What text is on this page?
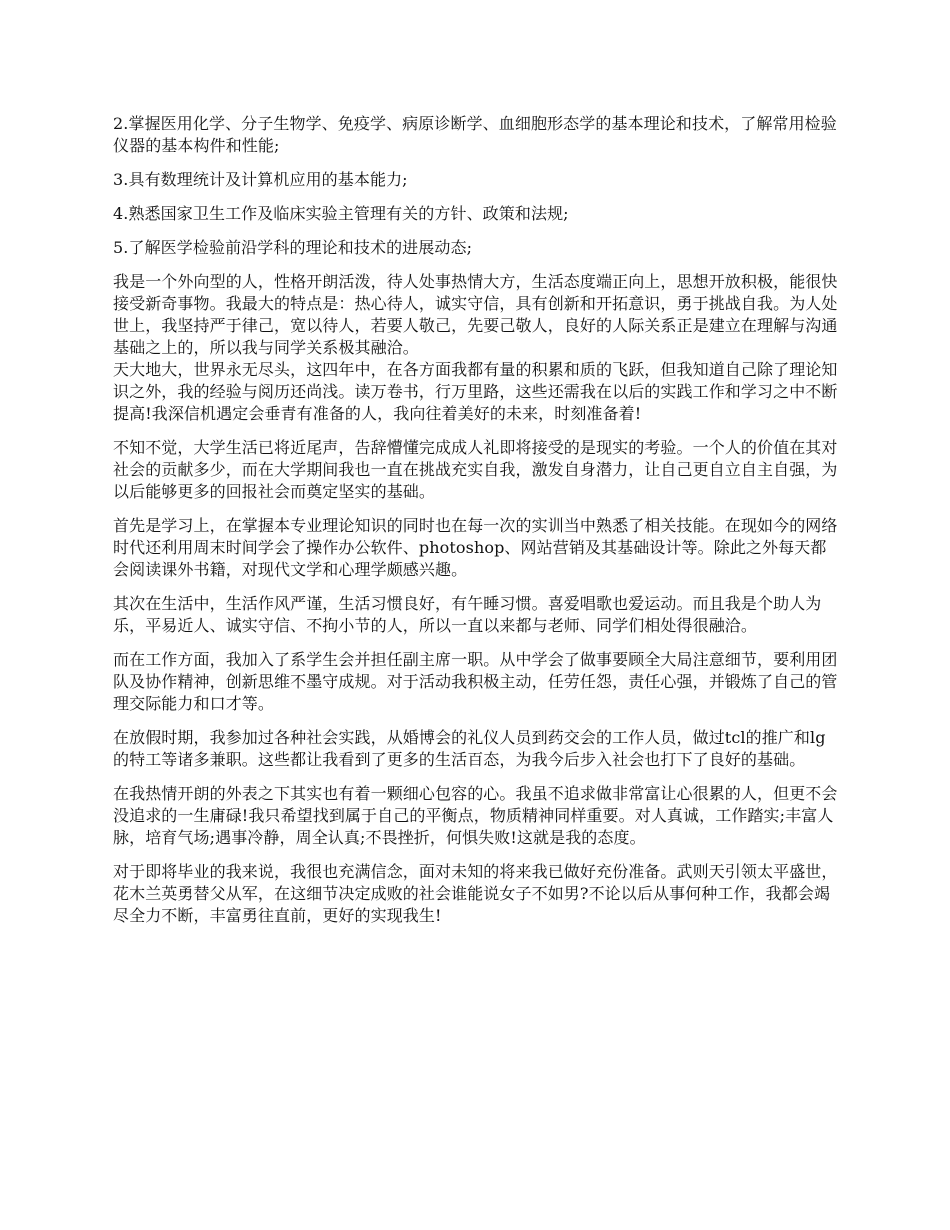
2.掌握医用化学、分子生物学、免疫学、病原诊断学、血细胞形态学的基本理论和技术，了解常用检验仪器的基本构件和性能;

3.具有数理统计及计算机应用的基本能力;

4.熟悉国家卫生工作及临床实验主管理有关的方针、政策和法规;

5.了解医学检验前沿学科的理论和技术的进展动态;

我是一个外向型的人，性格开朗活泼，待人处事热情大方，生活态度端正向上，思想开放积极，能很快接受新奇事物。我最大的特点是：热心待人，诚实守信，具有创新和开拓意识，勇于挑战自我。为人处世上，我坚持严于律己，宽以待人，若要人敬己，先要己敬人，良好的人际关系正是建立在理解与沟通基础之上的，所以我与同学关系极其融洽。

天大地大，世界永无尽头，这四年中，在各方面我都有量的积累和质的飞跃，但我知道自己除了理论知识之外，我的经验与阅历还尚浅。读万卷书，行万里路，这些还需我在以后的实践工作和学习之中不断提高!我深信机遇定会垂青有准备的人，我向往着美好的未来，时刻准备着!

不知不觉，大学生活已将近尾声，告辞懵懂完成成人礼即将接受的是现实的考验。一个人的价值在其对社会的贡献多少，而在大学期间我也一直在挑战充实自我，激发自身潜力，让自己更自立自主自强，为以后能够更多的回报社会而奠定坚实的基础。

首先是学习上，在掌握本专业理论知识的同时也在每一次的实训当中熟悉了相关技能。在现如今的网络时代还利用周末时间学会了操作办公软件、photoshop、网站营销及其基础设计等。除此之外每天都会阅读课外书籍，对现代文学和心理学颇感兴趣。

其次在生活中，生活作风严谨，生活习惯良好，有午睡习惯。喜爱唱歌也爱运动。而且我是个助人为乐，平易近人、诚实守信、不拘小节的人，所以一直以来都与老师、同学们相处得很融洽。

而在工作方面，我加入了系学生会并担任副主席一职。从中学会了做事要顾全大局注意细节，要利用团队及协作精神，创新思维不墨守成规。对于活动我积极主动，任劳任怨，责任心强，并锻炼了自己的管理交际能力和口才等。

在放假时期，我参加过各种社会实践，从婚博会的礼仪人员到药交会的工作人员，做过tcl的推广和lg的特工等诸多兼职。这些都让我看到了更多的生活百态，为我今后步入社会也打下了良好的基础。

在我热情开朗的外表之下其实也有着一颗细心包容的心。我虽不追求做非常富让心很累的人，但更不会没追求的一生庸碌!我只希望找到属于自己的平衡点，物质精神同样重要。对人真诚，工作踏实;丰富人脉，培育气场;遇事冷静，周全认真;不畏挫折，何惧失败!这就是我的态度。

对于即将毕业的我来说，我很也充满信念，面对未知的将来我已做好充份准备。武则天引领太平盛世，花木兰英勇替父从军，在这细节决定成败的社会谁能说女子不如男?不论以后从事何种工作，我都会竭尽全力不断，丰富勇往直前，更好的实现我生!
